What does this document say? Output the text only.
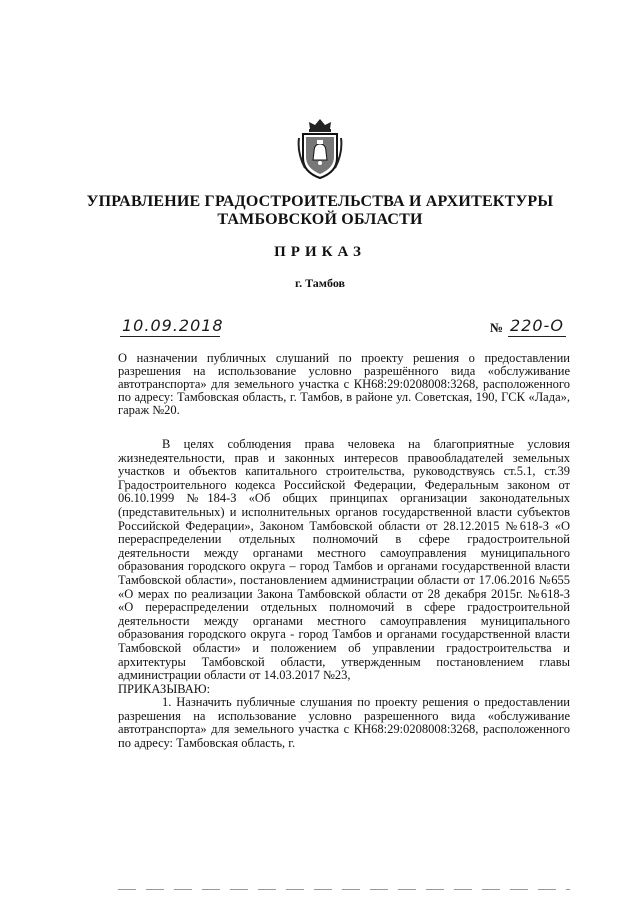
УПРАВЛЕНИЕ ГРАДОСТРОИТЕЛЬСТВА И АРХИТЕКТУРЫ
ТАМБОВСКОЙ ОБЛАСТИ
ПРИКАЗ
г. Тамбов
10.09.2018	№ 220-О
О назначении публичных слушаний по проекту решения о предоставлении разрешения на использование условно разрешённого вида «обслуживание автотранспорта» для земельного участка с КН68:29:0208008:3268, расположенного по адресу: Тамбовская область, г. Тамбов, в районе ул. Советская, 190, ГСК «Лада», гараж №20.

В целях соблюдения права человека на благоприятные условия жизнедеятельности, прав и законных интересов правообладателей земельных участков и объектов капитального строительства, руководствуясь ст.5.1, ст.39 Градостроительного кодекса Российской Федерации, Федеральным законом от 06.10.1999 №184-З «Об общих принципах организации законодательных (представительных) и исполнительных органов государственной власти субъектов Российской Федерации», Законом Тамбовской области от 28.12.2015 №618-З «О перераспределении отдельных полномочий в сфере градостроительной деятельности между органами местного самоуправления муниципального образования городского округа – город Тамбов и органами государственной власти Тамбовской области», постановлением администрации области от 17.06.2016 №655 «О мерах по реализации Закона Тамбовской области от 28 декабря 2015г. №618-З «О перераспределении отдельных полномочий в сфере градостроительной деятельности между органами местного самоуправления муниципального образования городского округа - город Тамбов и органами государственной власти Тамбовской области» и положением об управлении градостроительства и архитектуры Тамбовской области, утвержденным постановлением главы администрации области от 14.03.2017 №23,

ПРИКАЗЫВАЮ:

1. Назначить публичные слушания по проекту решения о предоставлении разрешения на использование условно разрешенного вида «обслуживание автотранспорта» для земельного участка с КН68:29:0208008:3268, расположенного по адресу: Тамбовская область, г.
